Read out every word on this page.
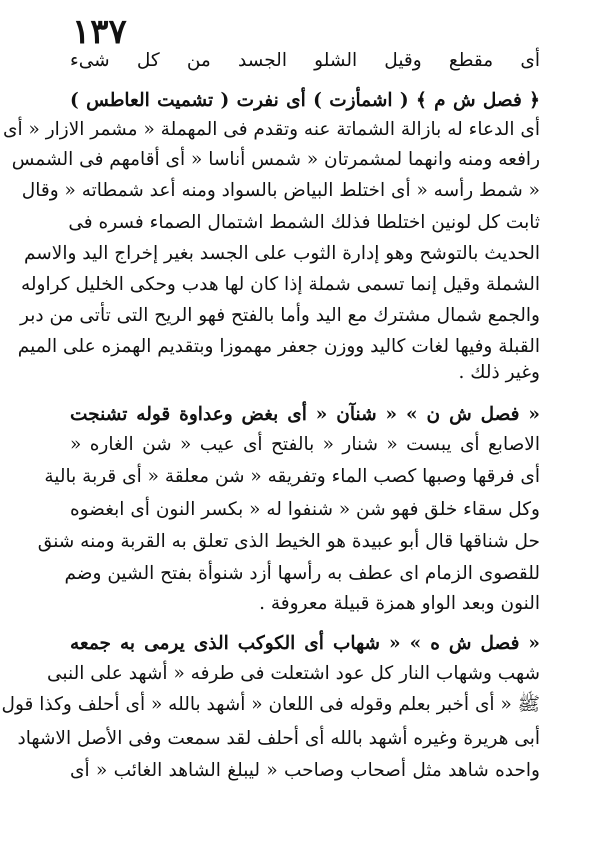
١٣٧
أى مقطع وقيل الشلو الجسد من كل شىء
﴿ فصل ش م ﴾ ( اشمأزت ) أى نفرت ( تشميت العاطس )
أى الدعاء له بازالة الشماتة عنه وتقدم فى المهملة « مشمر الازار « أى
رافعه ومنه وانهما لمشمرتان « شمس أناسا « أى أقامهم فى الشمس
« شمط رأسه « أى اختلط البياض بالسواد ومنه أعد شمطاته « وقال
ثابت كل لونين اختلطا فذلك الشمط اشتمال الصماء فسره فى
الحديث بالتوشح وهو إدارة الثوب على الجسد بغير إخراج اليد والاسم
الشملة وقيل إنما تسمى شملة إذا كان لها هدب وحكى الخليل كراوله
والجمع شمال مشترك مع اليد وأما بالفتح فهو الريح التى تأتى من دبر
القبلة وفيها لغات كاليد ووزن جعفر مهموزا وبتقديم الهمزه على الميم
وغير ذلك .
« فصل ش ن » « شنآن « أى بغض وعداوة قوله تشنجت
الاصابع أى يبست « شنار « بالفتح أى عيب « شن الغاره «
أى فرقها وصبها كصب الماء وتفريقه « شن معلقة « أى قربة بالية
وكل سقاء خلق فهو شن « شنفوا له « بكسر النون أى ابغضوه
حل شناقها قال أبو عبيدة هو الخيط الذى تعلق به القربة ومنه شنق
للقصوى الزمام اى عطف به رأسها أزد شنوأة بفتح الشين وضم
النون وبعد الواو همزة قبيلة معروفة .
« فصل ش ه » « شهاب أى الكوكب الذى يرمى به جمعه
شهب وشهاب النار كل عود اشتعلت فى طرفه « أشهد على النبى
ﷺ « أى أخبر بعلم وقوله فى اللعان « أشهد بالله « أى أحلف وكذا قول
أبى هريرة وغيره أشهد بالله أى أحلف لقد سمعت وفى الأصل الاشهاد
واحده شاهد مثل أصحاب وصاحب « ليبلغ الشاهد الغائب « أى
